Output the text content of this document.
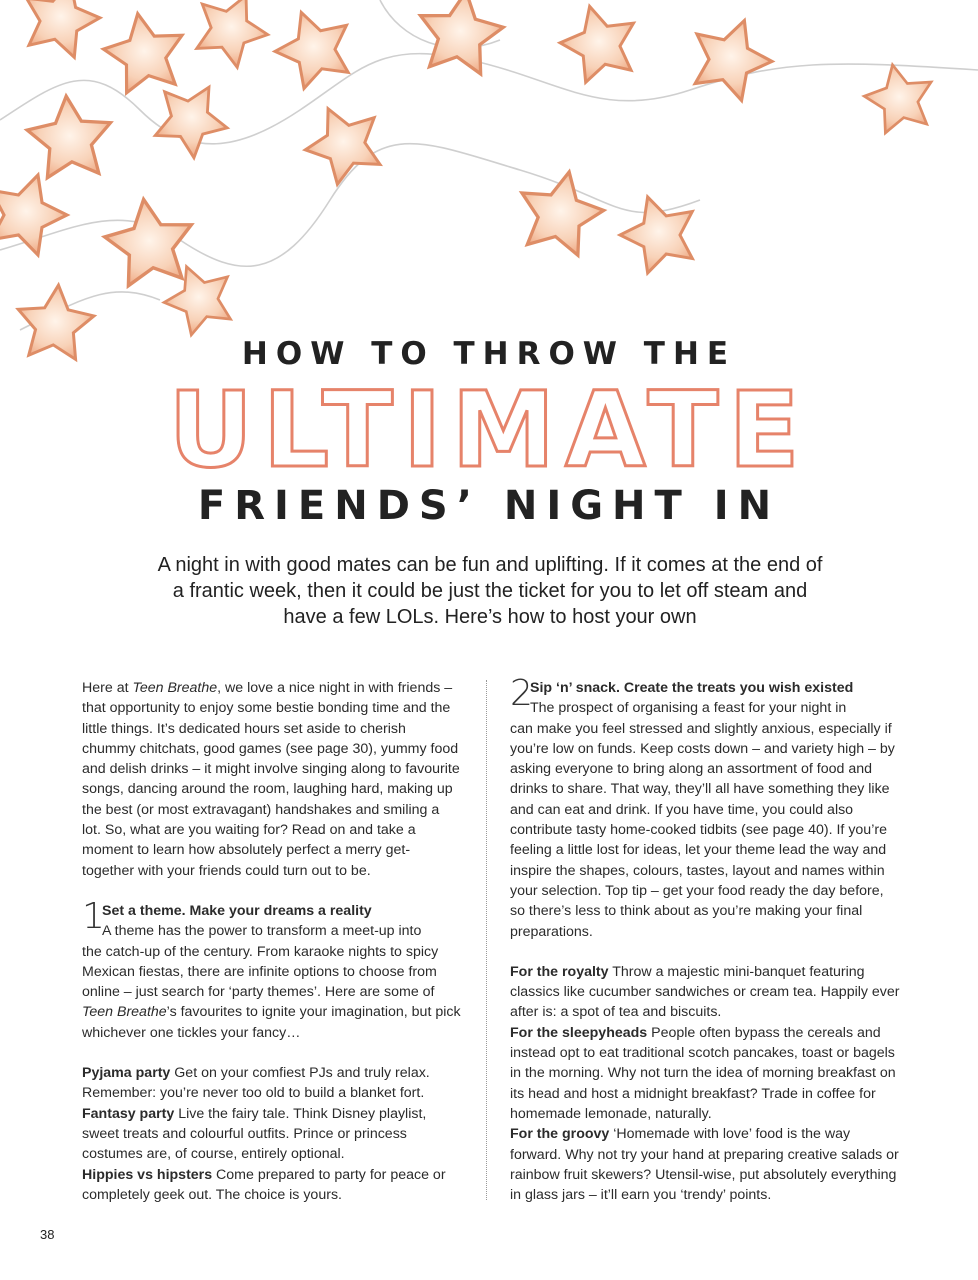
HOW TO THROW THE
ULTIMATE
FRIENDS’ NIGHT IN
A night in with good mates can be fun and uplifting. If it comes at the end of a frantic week, then it could be just the ticket for you to let off steam and have a few LOLs. Here’s how to host your own

Here at Teen Breathe, we love a nice night in with friends – that opportunity to enjoy some bestie bonding time and the little things. It’s dedicated hours set aside to cherish chummy chitchats, good games (see page 30), yummy food and delish drinks – it might involve singing along to favourite songs, dancing around the room, laughing hard, making up the best (or most extravagant) handshakes and smiling a lot. So, what are you waiting for? Read on and take a moment to learn how absolutely perfect a merry get-together with your friends could turn out to be.

1
Set a theme. Make your dreams a reality
A theme has the power to transform a meet-up into

the catch-up of the century. From karaoke nights to spicy Mexican fiestas, there are infinite options to choose from online – just search for ‘party themes’. Here are some of Teen Breathe’s favourites to ignite your imagination, but pick whichever one tickles your fancy…

Pyjama party Get on your comfiest PJs and truly relax. Remember: you’re never too old to build a blanket fort.

Fantasy party Live the fairy tale. Think Disney playlist, sweet treats and colourful outfits. Prince or princess costumes are, of course, entirely optional.

Hippies vs hipsters Come prepared to party for peace or completely geek out. The choice is yours.

2
Sip ‘n’ snack. Create the treats you wish existed
The prospect of organising a feast for your night in

can make you feel stressed and slightly anxious, especially if you’re low on funds. Keep costs down – and variety high – by asking everyone to bring along an assortment of food and drinks to share. That way, they’ll all have something they like and can eat and drink. If you have time, you could also contribute tasty home-cooked tidbits (see page 40). If you’re feeling a little lost for ideas, let your theme lead the way and inspire the shapes, colours, tastes, layout and names within your selection. Top tip – get your food ready the day before, so there’s less to think about as you’re making your final preparations.

For the royalty Throw a majestic mini-banquet featuring classics like cucumber sandwiches or cream tea. Happily ever after is: a spot of tea and biscuits.

For the sleepyheads People often bypass the cereals and instead opt to eat traditional scotch pancakes, toast or bagels in the morning. Why not turn the idea of morning breakfast on its head and host a midnight breakfast? Trade in coffee for homemade lemonade, naturally.

For the groovy ‘Homemade with love’ food is the way forward. Why not try your hand at preparing creative salads or rainbow fruit skewers? Utensil-wise, put absolutely everything in glass jars – it’ll earn you ‘trendy’ points.

38
